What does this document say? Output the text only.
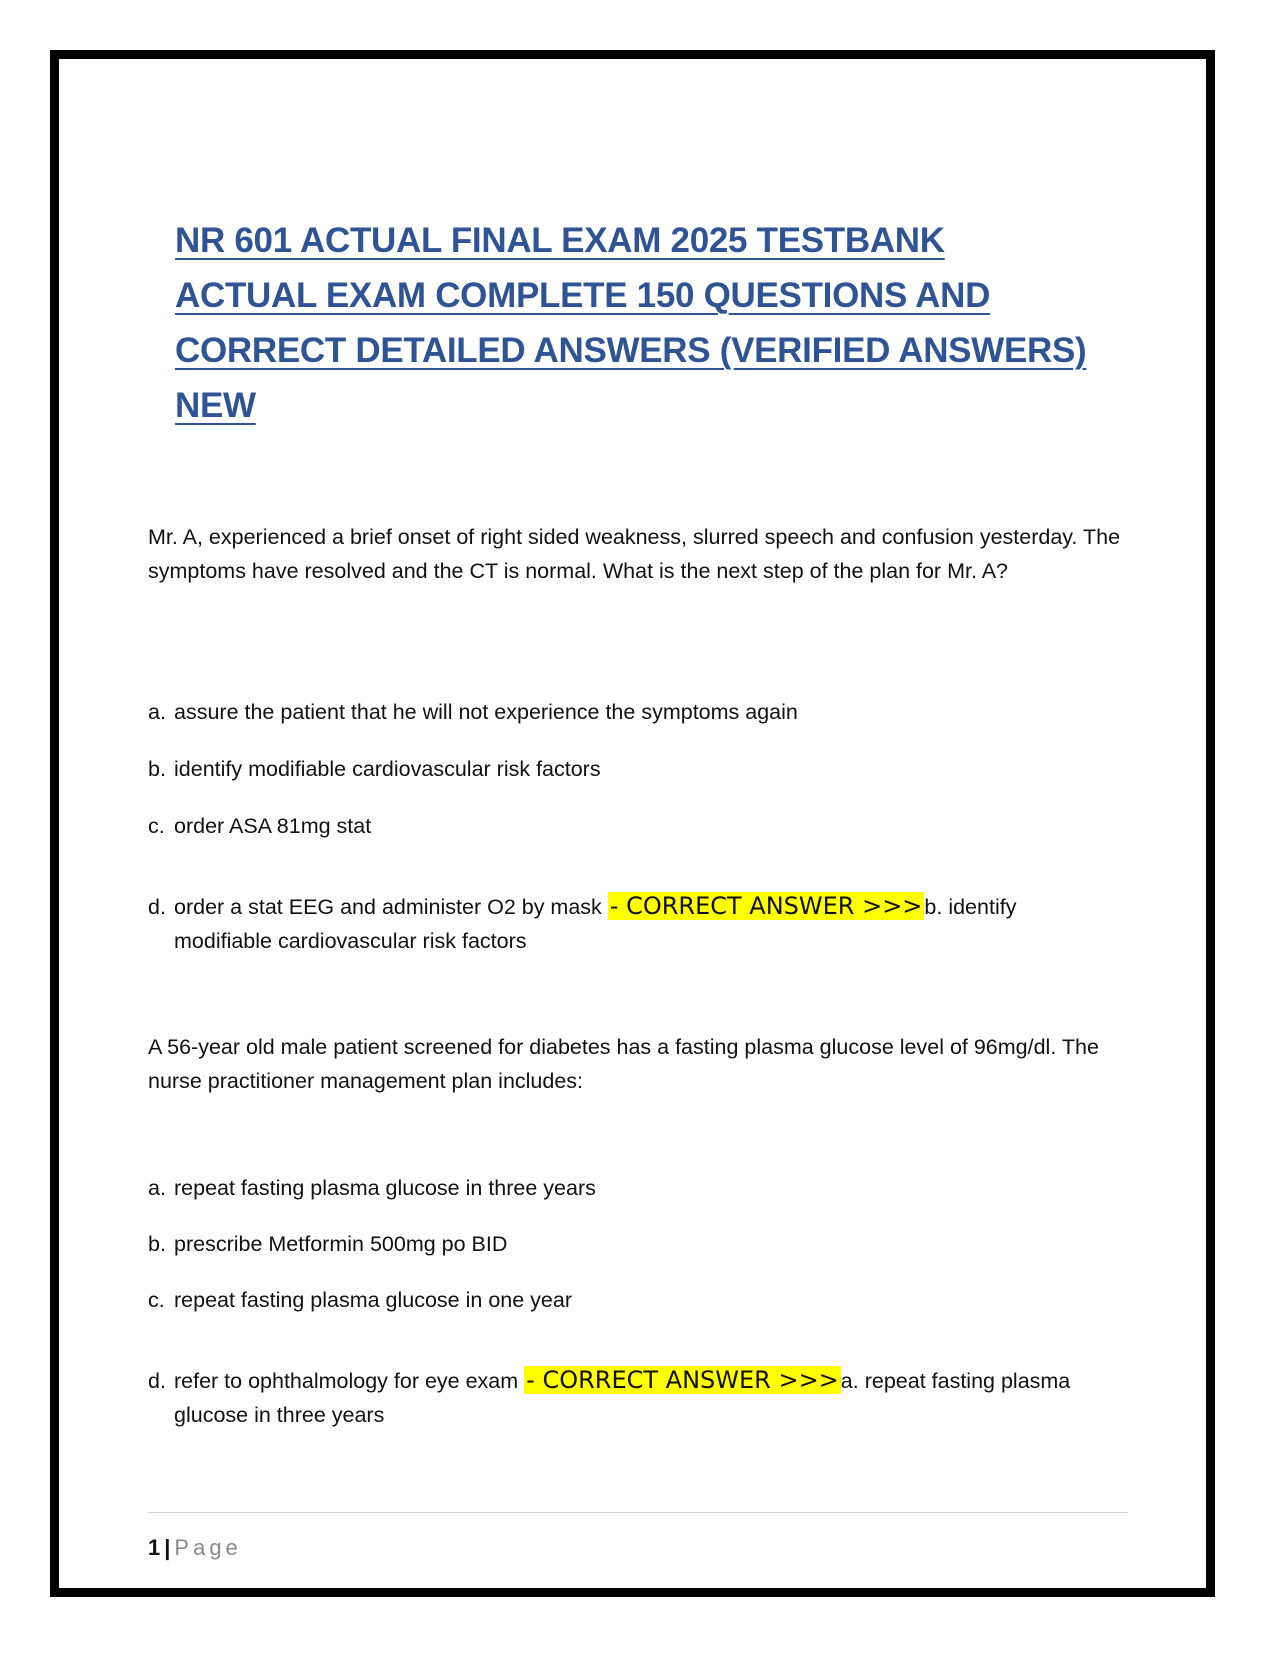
NR 601 ACTUAL FINAL EXAM 2025 TESTBANK
ACTUAL EXAM COMPLETE 150 QUESTIONS AND
CORRECT DETAILED ANSWERS (VERIFIED ANSWERS)
NEW

Mr. A, experienced a brief onset of right sided weakness, slurred speech and confusion yesterday. The symptoms have resolved and the CT is normal. What is the next step of the plan for Mr. A?

a. assure the patient that he will not experience the symptoms again

b. identify modifiable cardiovascular risk factors

c. order ASA 81mg stat

d. order a stat EEG and administer O2 by mask - CORRECT ANSWER >>>b. identify
modifiable cardiovascular risk factors

A 56-year old male patient screened for diabetes has a fasting plasma glucose level of 96mg/dl. The nurse practitioner management plan includes:

a. repeat fasting plasma glucose in three years

b. prescribe Metformin 500mg po BID

c. repeat fasting plasma glucose in one year

d. refer to ophthalmology for eye exam - CORRECT ANSWER >>>a. repeat fasting plasma
glucose in three years

1 | Page
